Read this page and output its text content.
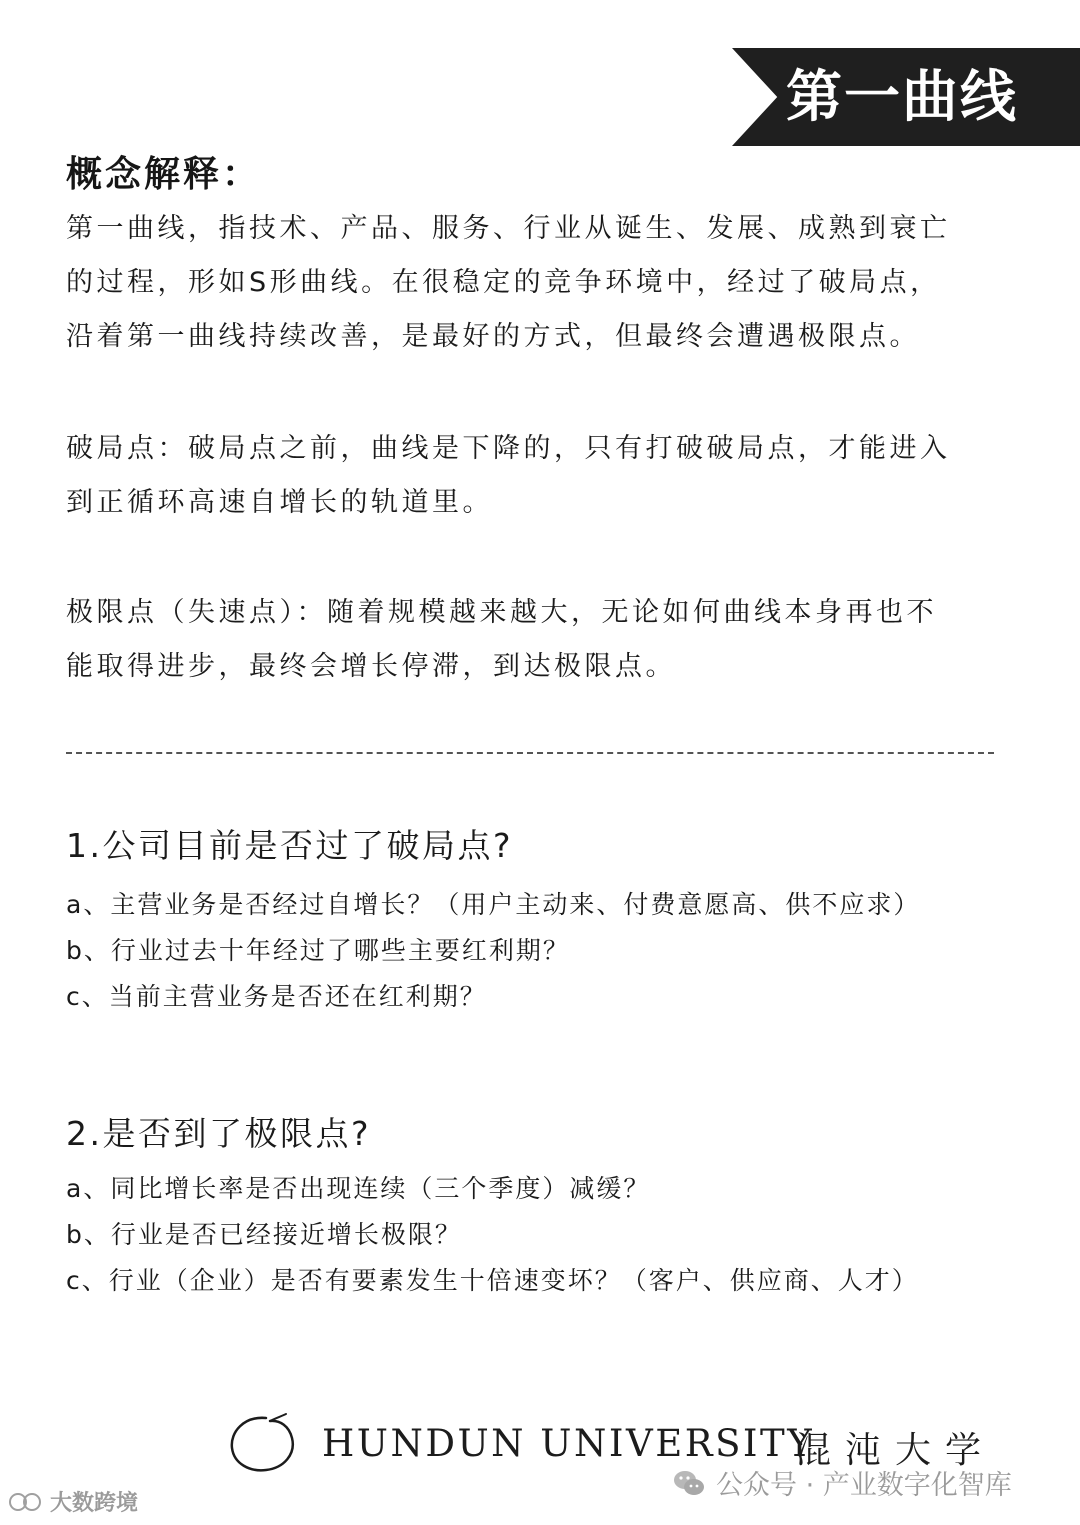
第一曲线
概念解释：
第一曲线，指技术、产品、服务、行业从诞生、发展、成熟到衰亡
的过程，形如S形曲线。在很稳定的竞争环境中，经过了破局点，
沿着第一曲线持续改善，是最好的方式，但最终会遭遇极限点。
破局点：破局点之前，曲线是下降的，只有打破破局点，才能进入
到正循环高速自增长的轨道里。
极限点（失速点）：随着规模越来越大，无论如何曲线本身再也不
能取得进步，最终会增长停滞，到达极限点。
1.公司目前是否过了破局点?
a、主营业务是否经过自增长？（用户主动来、付费意愿高、供不应求）
b、行业过去十年经过了哪些主要红利期？
c、当前主营业务是否还在红利期？
2.是否到了极限点?
a、同比增长率是否出现连续（三个季度）减缓？
b、行业是否已经接近增长极限？
c、行业（企业）是否有要素发生十倍速变坏？（客户、供应商、人才）
HUNDUN UNIVERSITY
混沌大学
公众号 · 产业数字化智库
大数跨境
